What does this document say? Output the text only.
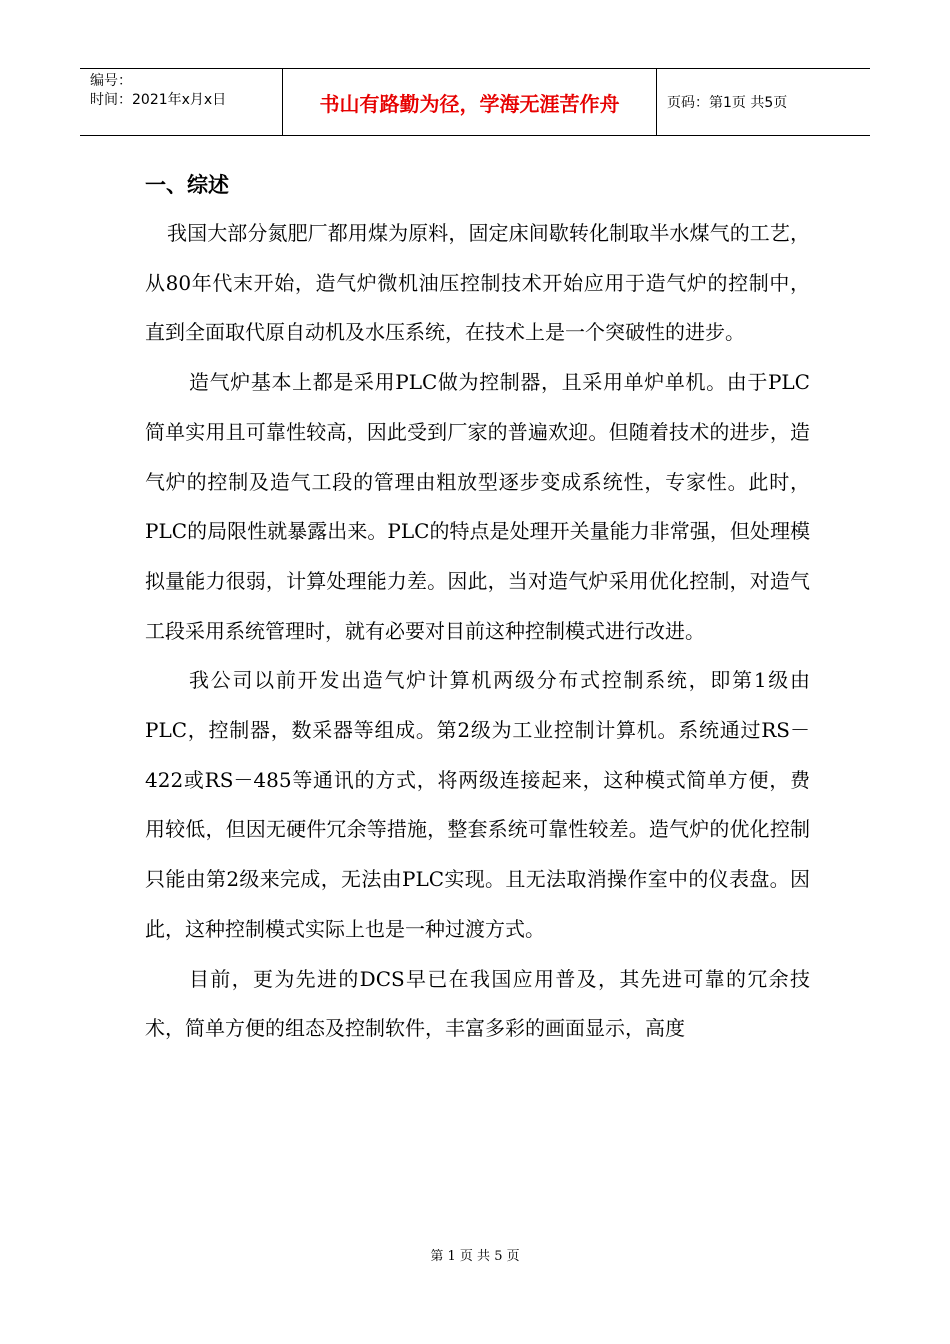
编号：
时间：2021年x月x日	书山有路勤为径，学海无涯苦作舟	页码：第1页 共5页
一、综述

我国大部分氮肥厂都用煤为原料，固定床间歇转化制取半水煤气的工艺，从80年代末开始，造气炉微机油压控制技术开始应用于造气炉的控制中，直到全面取代原自动机及水压系统，在技术上是一个突破性的进步。

造气炉基本上都是采用PLC做为控制器，且采用单炉单机。由于PLC简单实用且可靠性较高，因此受到厂家的普遍欢迎。但随着技术的进步，造气炉的控制及造气工段的管理由粗放型逐步变成系统性，专家性。此时，PLC的局限性就暴露出来。PLC的特点是处理开关量能力非常强，但处理模拟量能力很弱，计算处理能力差。因此，当对造气炉采用优化控制，对造气工段采用系统管理时，就有必要对目前这种控制模式进行改进。

我公司以前开发出造气炉计算机两级分布式控制系统，即第1级由PLC，控制器，数采器等组成。第2级为工业控制计算机。系统通过RS－422或RS－485等通讯的方式，将两级连接起来，这种模式简单方便，费用较低，但因无硬件冗余等措施，整套系统可靠性较差。造气炉的优化控制只能由第2级来完成，无法由PLC实现。且无法取消操作室中的仪表盘。因此，这种控制模式实际上也是一种过渡方式。

目前，更为先进的DCS早已在我国应用普及，其先进可靠的冗余技术，简单方便的组态及控制软件，丰富多彩的画面显示，高度

第 1 页 共 5 页
